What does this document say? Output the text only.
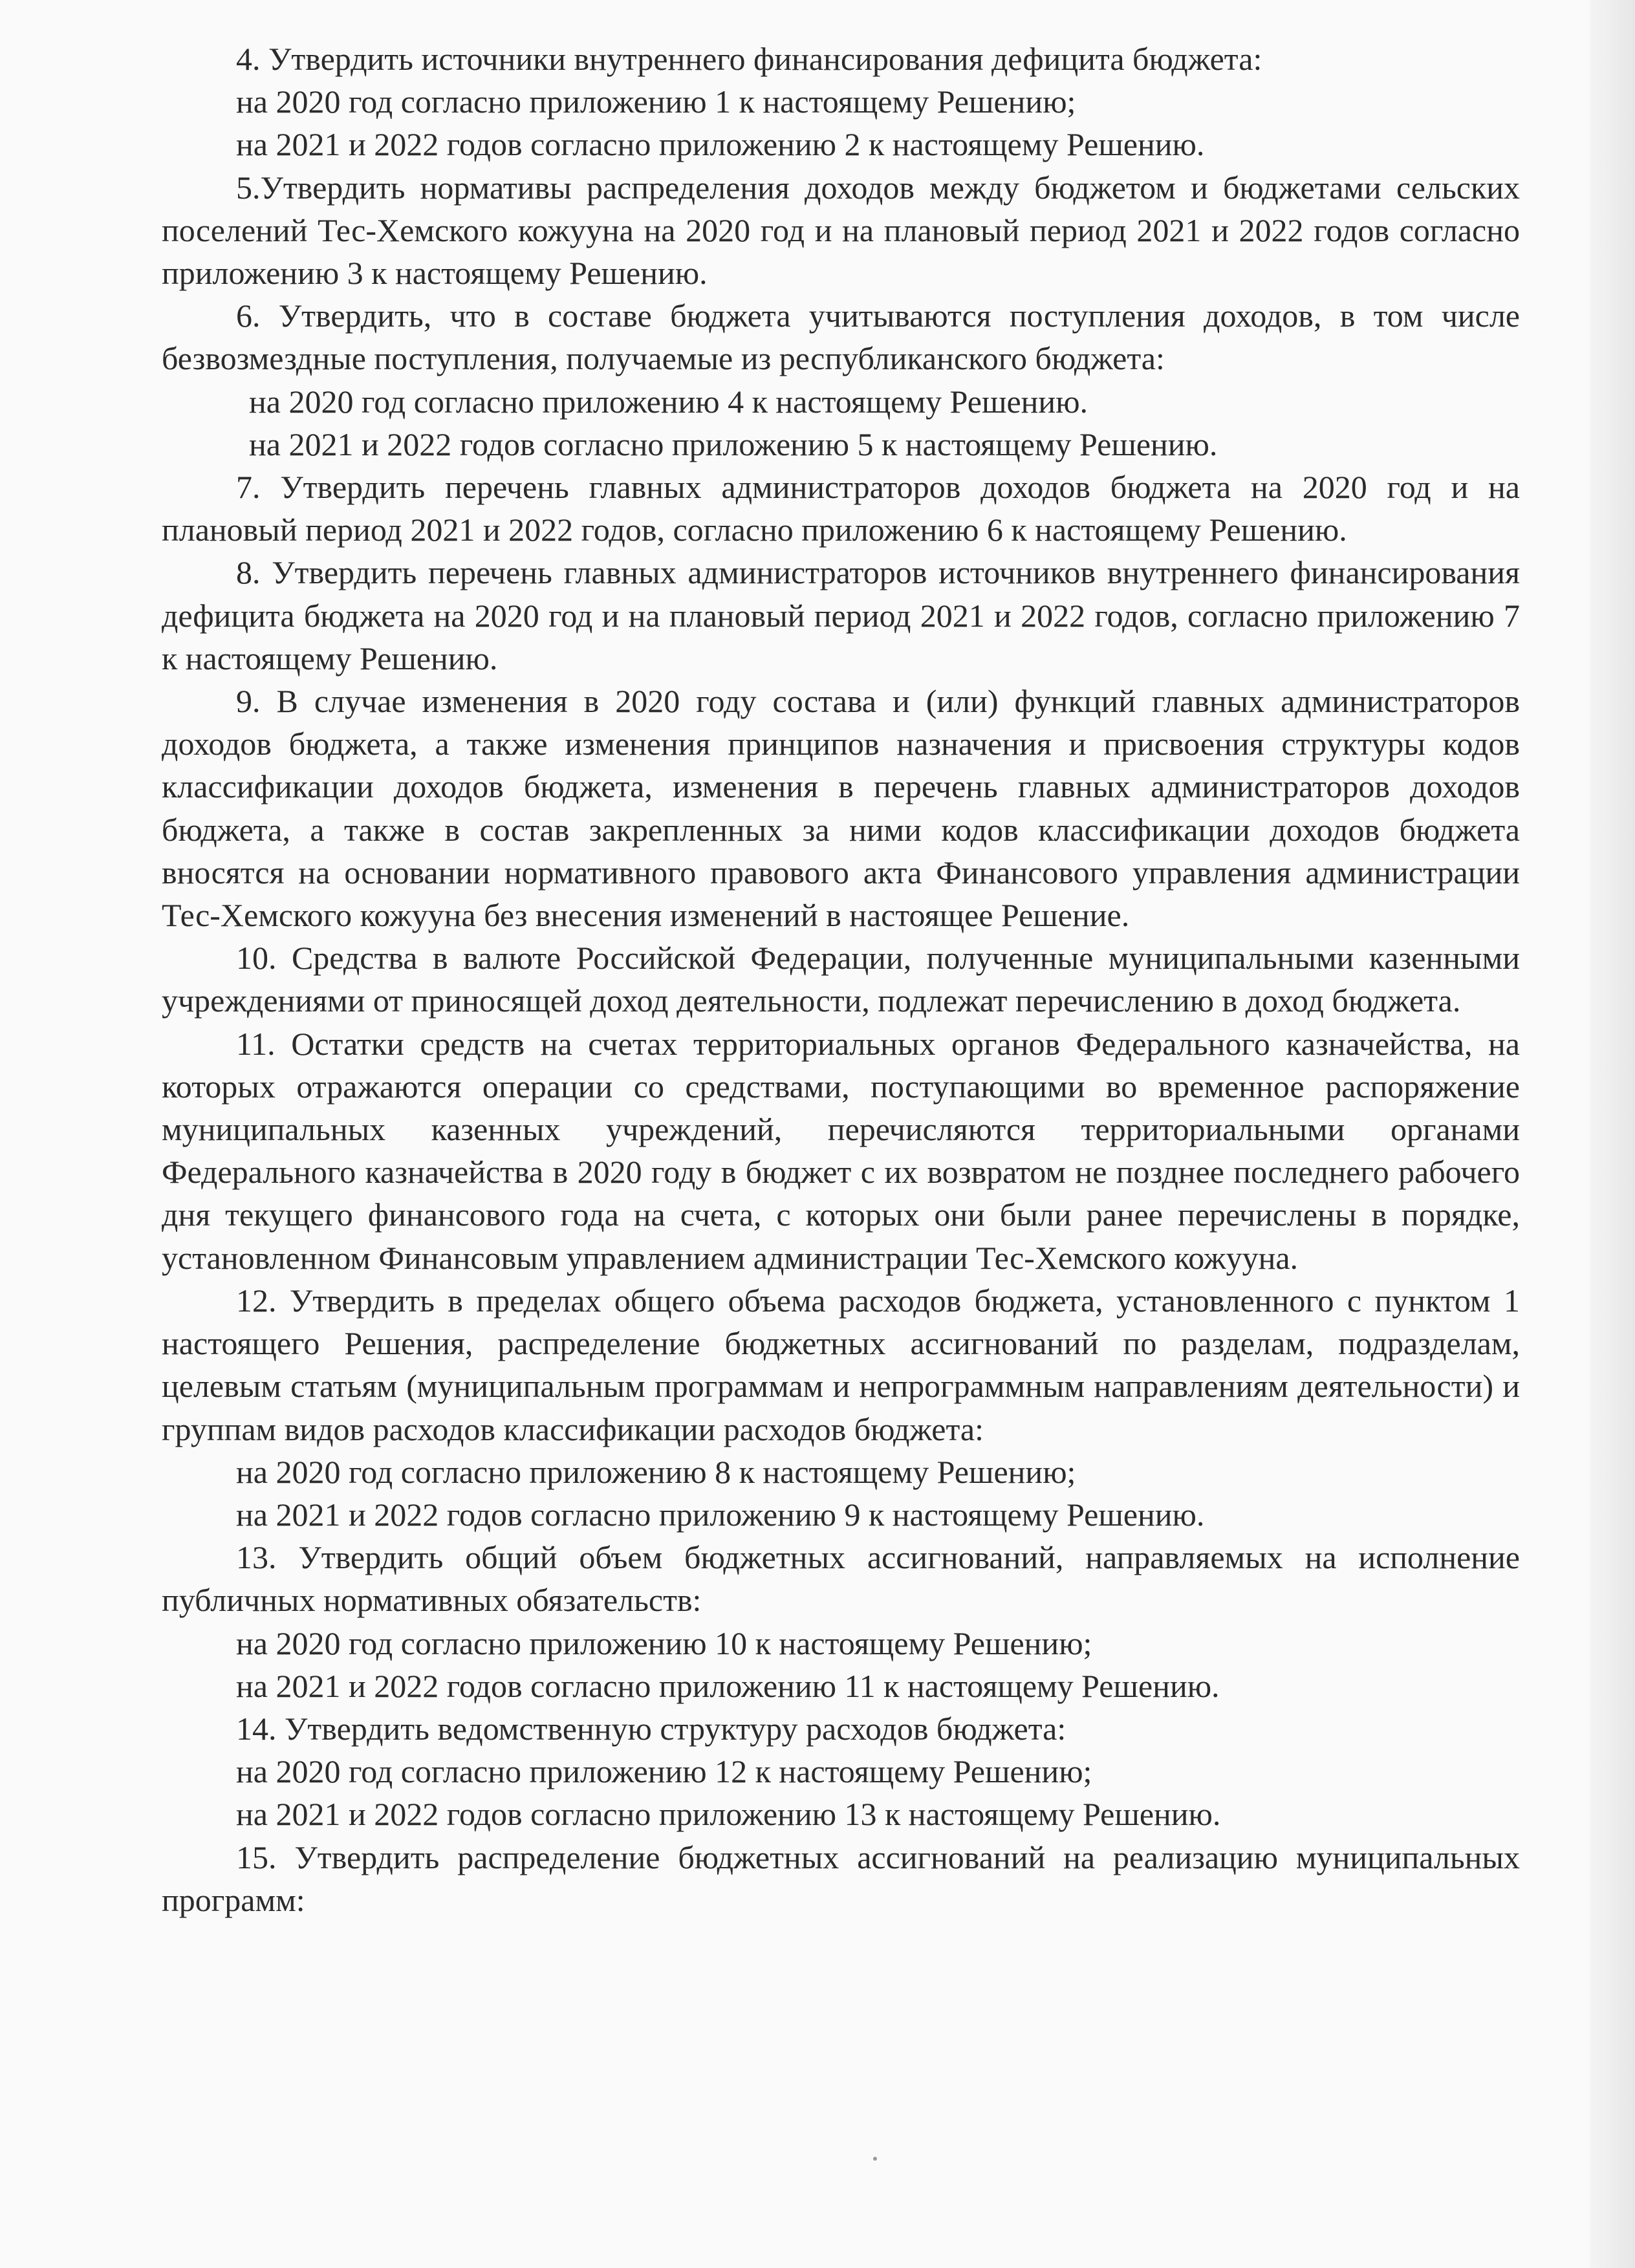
4. Утвердить источники внутреннего финансирования дефицита бюджета:

на 2020 год согласно приложению 1 к настоящему Решению;

на 2021 и 2022 годов согласно приложению 2 к настоящему Решению.

5.Утвердить нормативы распределения доходов между бюджетом и бюджетами сельских поселений Тес-Хемского кожууна на 2020 год и на плановый период 2021 и 2022 годов согласно приложению 3 к настоящему Решению.

6. Утвердить, что в составе бюджета учитываются поступления доходов, в том числе безвозмездные поступления, получаемые из республиканского бюджета:

на 2020 год согласно приложению 4 к настоящему Решению.

на 2021 и 2022 годов согласно приложению 5 к настоящему Решению.

7. Утвердить перечень главных администраторов доходов бюджета на 2020 год и на плановый период 2021 и 2022 годов, согласно приложению 6 к настоящему Решению.

8. Утвердить перечень главных администраторов источников внутреннего финансирования дефицита бюджета на 2020 год и на плановый период 2021 и 2022 годов, согласно приложению 7 к настоящему Решению.

9. В случае изменения в 2020 году состава и (или) функций главных администраторов доходов бюджета, а также изменения принципов назначения и присвоения структуры кодов классификации доходов бюджета, изменения в перечень главных администраторов доходов бюджета, а также в состав закрепленных за ними кодов классификации доходов бюджета вносятся на основании нормативного правового акта Финансового управления администрации Тес-Хемского кожууна без внесения изменений в настоящее Решение.

10. Средства в валюте Российской Федерации, полученные муниципальными казенными учреждениями от приносящей доход деятельности, подлежат перечислению в доход бюджета.

11. Остатки средств на счетах территориальных органов Федерального казначейства, на которых отражаются операции со средствами, поступающими во временное распоряжение муниципальных казенных учреждений, перечисляются территориальными органами Федерального казначейства в 2020 году в бюджет с их возвратом не позднее последнего рабочего дня текущего финансового года на счета, с которых они были ранее перечислены в порядке, установленном Финансовым управлением администрации Тес-Хемского кожууна.

12. Утвердить в пределах общего объема расходов бюджета, установленного с пунктом 1 настоящего Решения, распределение бюджетных ассигнований по разделам, подразделам, целевым статьям (муниципальным программам и непрограммным направлениям деятельности) и группам видов расходов классификации расходов бюджета:

на 2020 год согласно приложению 8 к настоящему Решению;

на 2021 и 2022 годов согласно приложению 9 к настоящему Решению.

13. Утвердить общий объем бюджетных ассигнований, направляемых на исполнение публичных нормативных обязательств:

на 2020 год согласно приложению 10 к настоящему Решению;

на 2021 и 2022 годов согласно приложению 11 к настоящему Решению.

14. Утвердить ведомственную структуру расходов бюджета:

на 2020 год согласно приложению 12 к настоящему Решению;

на 2021 и 2022 годов согласно приложению 13 к настоящему Решению.

15. Утвердить распределение бюджетных ассигнований на реализацию муниципальных программ:
